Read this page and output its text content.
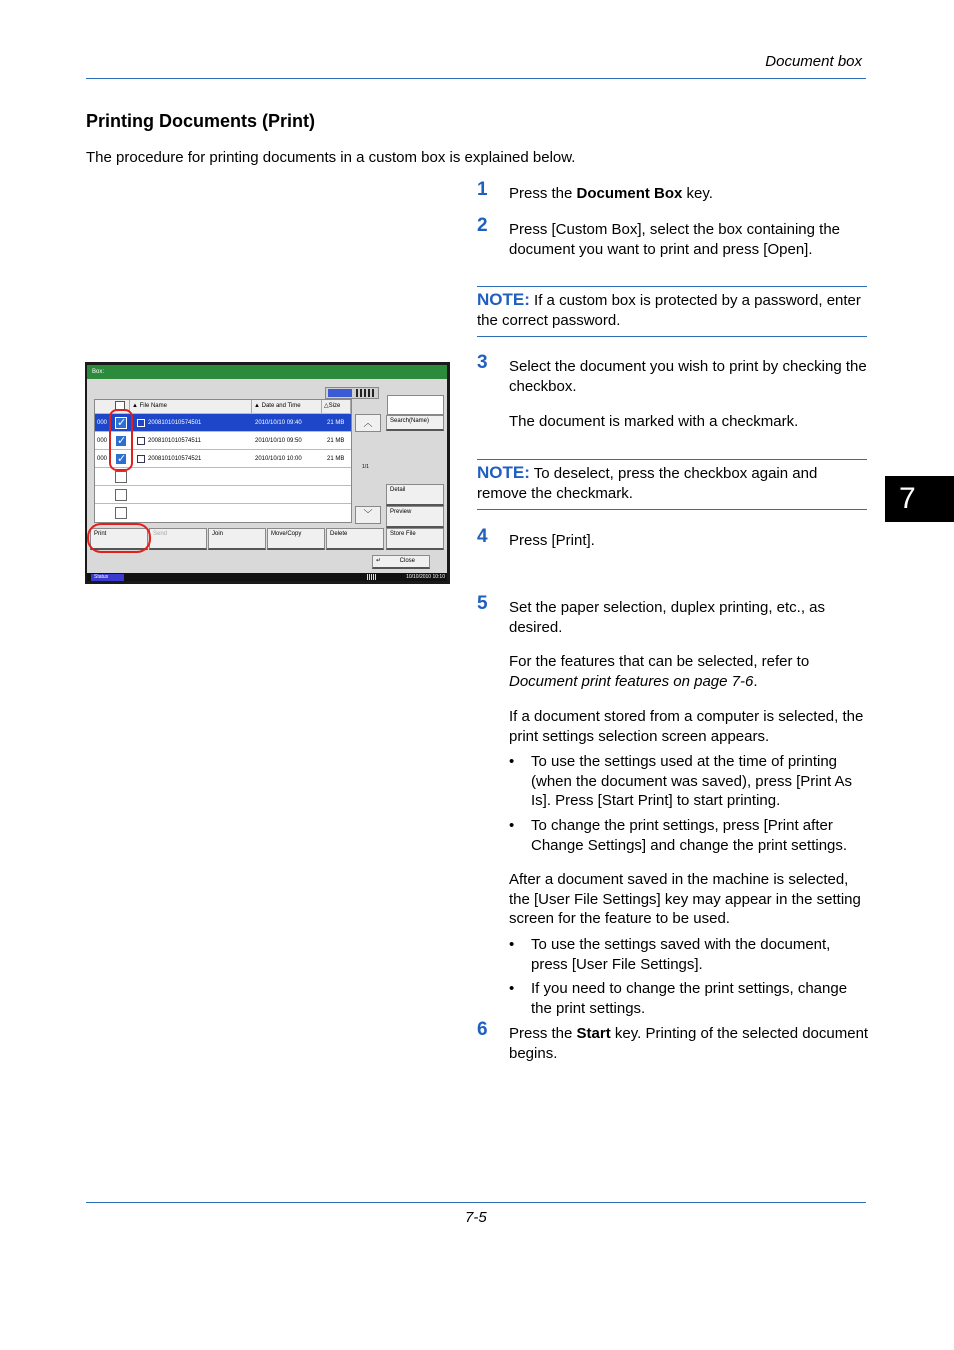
Document box
Printing Documents (Print)
The procedure for printing documents in a custom box is explained below.
1 Press the Document Box key.
2 Press [Custom Box], select the box containing the document you want to print and press [Open].
NOTE: If a custom box is protected by a password, enter the correct password.
3 Select the document you wish to print by checking the checkbox.
The document is marked with a checkmark.
NOTE: To deselect, press the checkbox again and remove the checkmark.
4 Press [Print].
5 Set the paper selection, duplex printing, etc., as desired.
For the features that can be selected, refer to Document print features on page 7-6.
If a document stored from a computer is selected, the print settings selection screen appears.
• To use the settings used at the time of printing (when the document was saved), press [Print As Is]. Press [Start Print] to start printing.
• To change the print settings, press [Print after Change Settings] and change the print settings.
After a document saved in the machine is selected, the [User File Settings] key may appear in the setting screen for the feature to be used.
• To use the settings saved with the document, press [User File Settings].
• If you need to change the print settings, change the print settings.
6 Press the Start key. Printing of the selected document begins.
7
7-5
Box:
▲ File Name	▲ Date and Time	△Size
000 ✓	20081010105745​01	2010/10/10 09:40	21 MB
000 ✓	2008101010574511	2010/10/10 09:50	21 MB
000 ✓	2008101010574521	2010/10/10 10:00	21 MB
︿
﹀
1/1
Search(Name)
Detail
Preview
Print	Send	Join	Move/Copy	Delete	Store File
↵	Close
Status	10/10/2010 10:10
